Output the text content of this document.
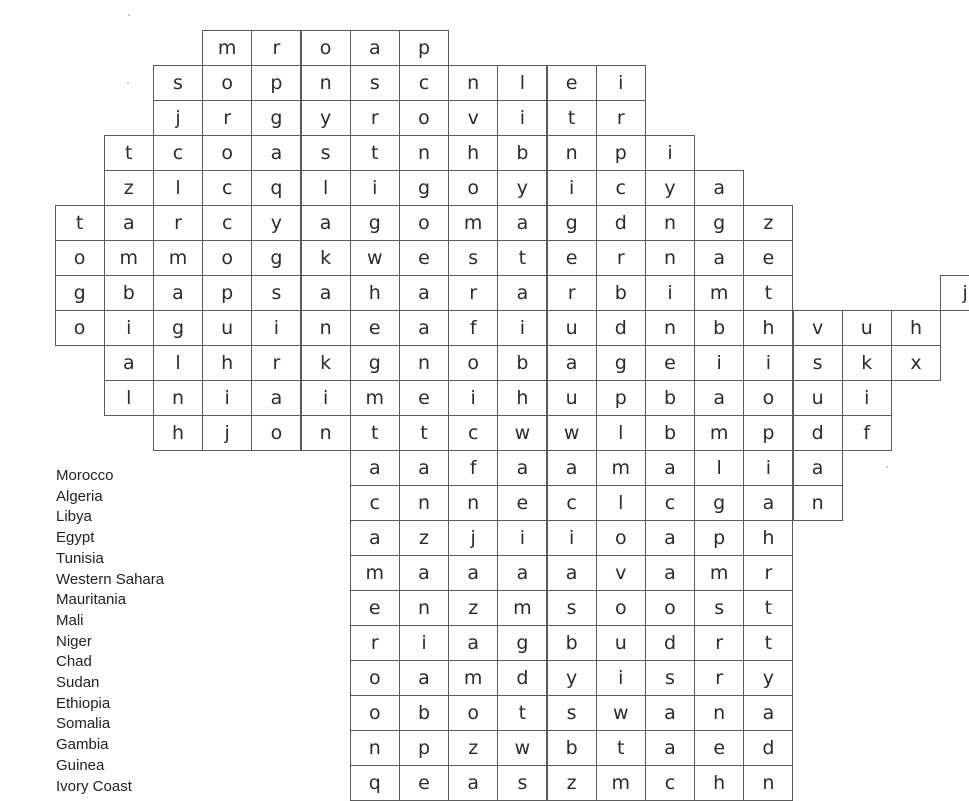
m	r	o	a	p
s	o	p	n	s	c	n	l	e	i
j	r	g	y	r	o	v	i	t	r
t	c	o	a	s	t	n	h	b	n	p	i
z	l	c	q	l	i	g	o	y	i	c	y	a
t	a	r	c	y	a	g	o	m	a	g	d	n	g	z
o	m	m	o	g	k	w	e	s	t	e	r	n	a	e
g	b	a	p	s	a	h	a	r	a	r	b	i	m	t	j
o	i	g	u	i	n	e	a	f	i	u	d	n	b	h	v	u	h
a	l	h	r	k	g	n	o	b	a	g	e	i	i	s	k	x
l	n	i	a	i	m	e	i	h	u	p	b	a	o	u	i
h	j	o	n	t	t	c	w	w	l	b	m	p	d	f
a	a	f	a	a	m	a	l	i	a
c	n	n	e	c	l	c	g	a	n
a	z	j	i	i	o	a	p	h
m	a	a	a	a	v	a	m	r
e	n	z	m	s	o	o	s	t
r	i	a	g	b	u	d	r	t
o	a	m	d	y	i	s	r	y
o	b	o	t	s	w	a	n	a
n	p	z	w	b	t	a	e	d
q	e	a	s	z	m	c	h	n
Morocco
Algeria
Libya
Egypt
Tunisia
Western Sahara
Mauritania
Mali
Niger
Chad
Sudan
Ethiopia
Somalia
Gambia
Guinea
Ivory Coast
